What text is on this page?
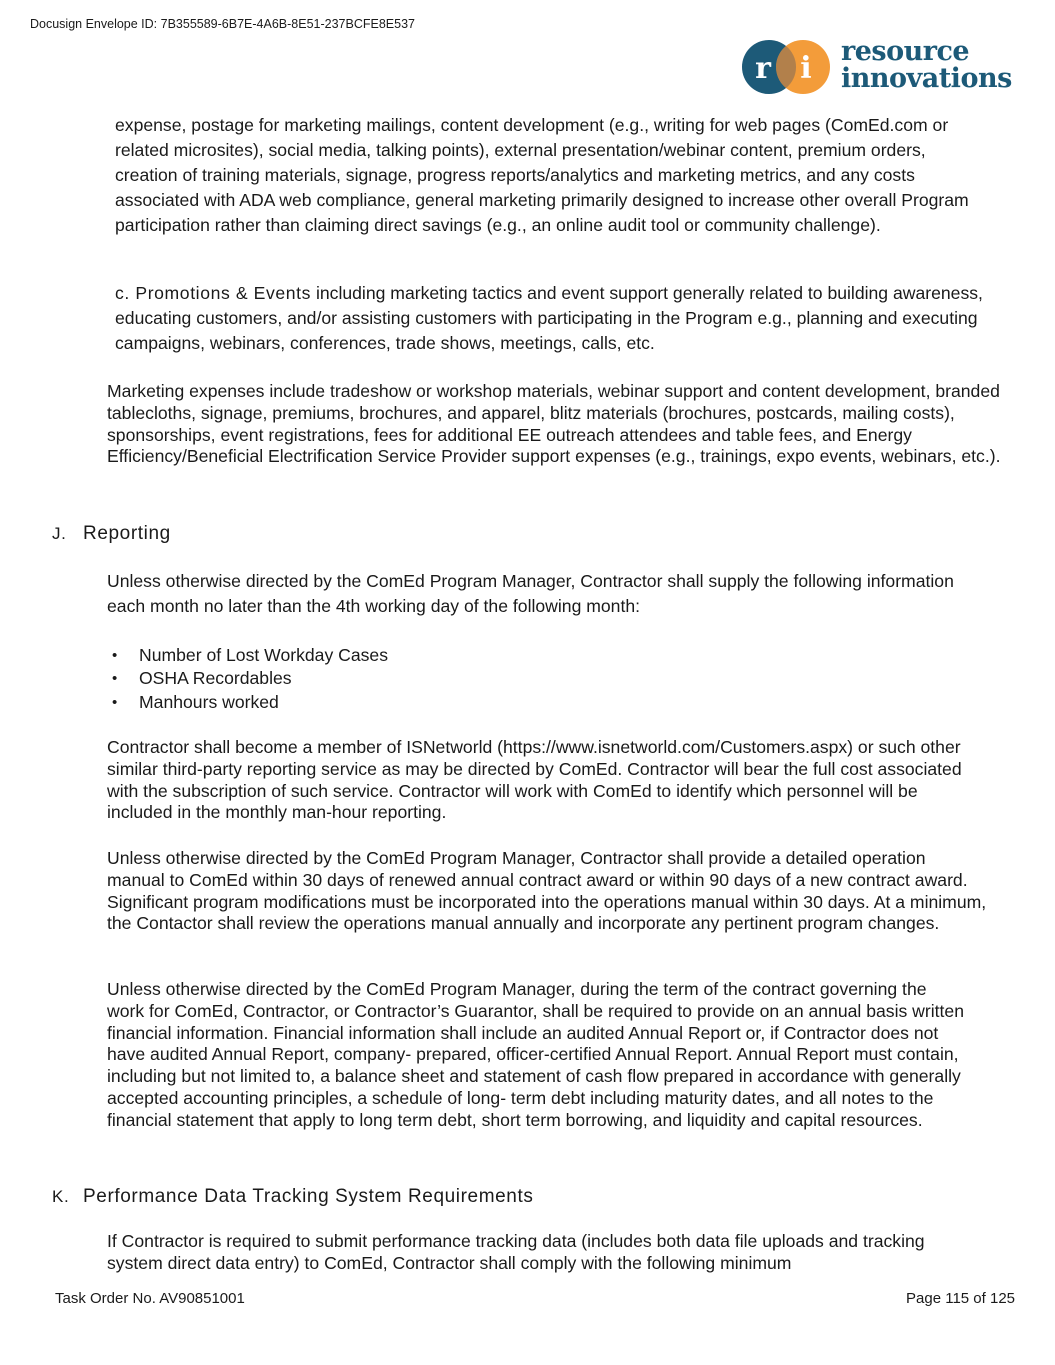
Docusign Envelope ID: 7B355589-6B7E-4A6B-8E51-237BCFE8E537
r i resource
innovations

expense, postage for marketing mailings, content development (e.g., writing for web pages (ComEd.com or related microsites), social media, talking points), external presentation/webinar content, premium orders, creation of training materials, signage, progress reports/analytics and marketing metrics, and any costs associated with ADA web compliance, general marketing primarily designed to increase other overall Program participation rather than claiming direct savings (e.g., an online audit tool or community challenge).

c. Promotions & Events including marketing tactics and event support generally related to building awareness, educating customers, and/or assisting customers with participating in the Program e.g., planning and executing campaigns, webinars, conferences, trade shows, meetings, calls, etc.

Marketing expenses include tradeshow or workshop materials, webinar support and content development, branded tablecloths, signage, premiums, brochures, and apparel, blitz materials (brochures, postcards, mailing costs), sponsorships, event registrations, fees for additional EE outreach attendees and table fees, and Energy Efficiency/Beneficial Electrification Service Provider support expenses (e.g., trainings, expo events, webinars, etc.).

J. Reporting

Unless otherwise directed by the ComEd Program Manager, Contractor shall supply the following information each month no later than the 4th working day of the following month:

• Number of Lost Workday Cases
• OSHA Recordables
• Manhours worked

Contractor shall become a member of ISNetworld (https://www.isnetworld.com/Customers.aspx) or such other similar third-party reporting service as may be directed by ComEd. Contractor will bear the full cost associated with the subscription of such service. Contractor will work with ComEd to identify which personnel will be included in the monthly man-hour reporting.

Unless otherwise directed by the ComEd Program Manager, Contractor shall provide a detailed operation manual to ComEd within 30 days of renewed annual contract award or within 90 days of a new contract award. Significant program modifications must be incorporated into the operations manual within 30 days. At a minimum, the Contactor shall review the operations manual annually and incorporate any pertinent program changes.

Unless otherwise directed by the ComEd Program Manager, during the term of the contract governing the work for ComEd, Contractor, or Contractor’s Guarantor, shall be required to provide on an annual basis written financial information. Financial information shall include an audited Annual Report or, if Contractor does not have audited Annual Report, company- prepared, officer-certified Annual Report. Annual Report must contain, including but not limited to, a balance sheet and statement of cash flow prepared in accordance with generally accepted accounting principles, a schedule of long- term debt including maturity dates, and all notes to the financial statement that apply to long term debt, short term borrowing, and liquidity and capital resources.

K. Performance Data Tracking System Requirements

If Contractor is required to submit performance tracking data (includes both data file uploads and tracking system direct data entry) to ComEd, Contractor shall comply with the following minimum

Task Order No. AV90851001	Page 115 of 125
